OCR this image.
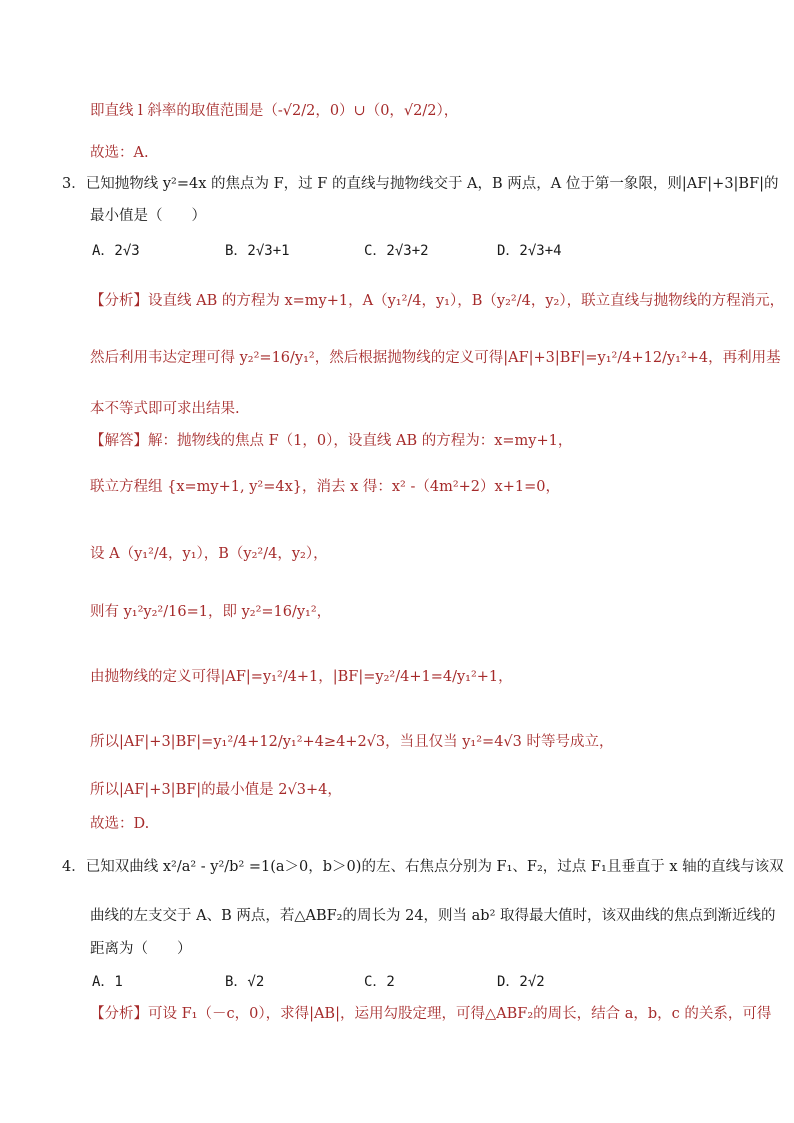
即直线 l 斜率的取值范围是（-√2/2，0）∪（0，√2/2），
故选：A.
3．已知抛物线 y²=4x 的焦点为 F，过 F 的直线与抛物线交于 A，B 两点，A 位于第一象限，则|AF|+3|BF|的
最小值是（　　）
A．2√3	B．2√3+1	C．2√3+2	D．2√3+4
【分析】设直线 AB 的方程为 x=my+1，A（y₁²/4，y₁），B（y₂²/4，y₂），联立直线与抛物线的方程消元，
然后利用韦达定理可得 y₂²=16/y₁²，然后根据抛物线的定义可得|AF|+3|BF|=y₁²/4+12/y₁²+4，再利用基
本不等式即可求出结果.
【解答】解：抛物线的焦点 F（1，0），设直线 AB 的方程为：x=my+1，
联立方程组 {x=my+1, y²=4x}，消去 x 得：x² -（4m²+2）x+1=0，
设 A（y₁²/4，y₁），B（y₂²/4，y₂），
则有 y₁²y₂²/16=1，即 y₂²=16/y₁²，
由抛物线的定义可得|AF|=y₁²/4+1，|BF|=y₂²/4+1=4/y₁²+1，
所以|AF|+3|BF|=y₁²/4+12/y₁²+4≥4+2√3，当且仅当 y₁²=4√3 时等号成立，
所以|AF|+3|BF|的最小值是 2√3+4，
故选：D.
4．已知双曲线 x²/a² - y²/b² =1(a＞0，b＞0)的左、右焦点分别为 F₁、F₂，过点 F₁且垂直于 x 轴的直线与该双
曲线的左支交于 A、B 两点，若△ABF₂的周长为 24，则当 ab² 取得最大值时，该双曲线的焦点到渐近线的
距离为（　　）
A．1	B．√2	C．2	D．2√2
【分析】可设 F₁（－c，0），求得|AB|，运用勾股定理，可得△ABF₂的周长，结合 a，b，c 的关系，可得
